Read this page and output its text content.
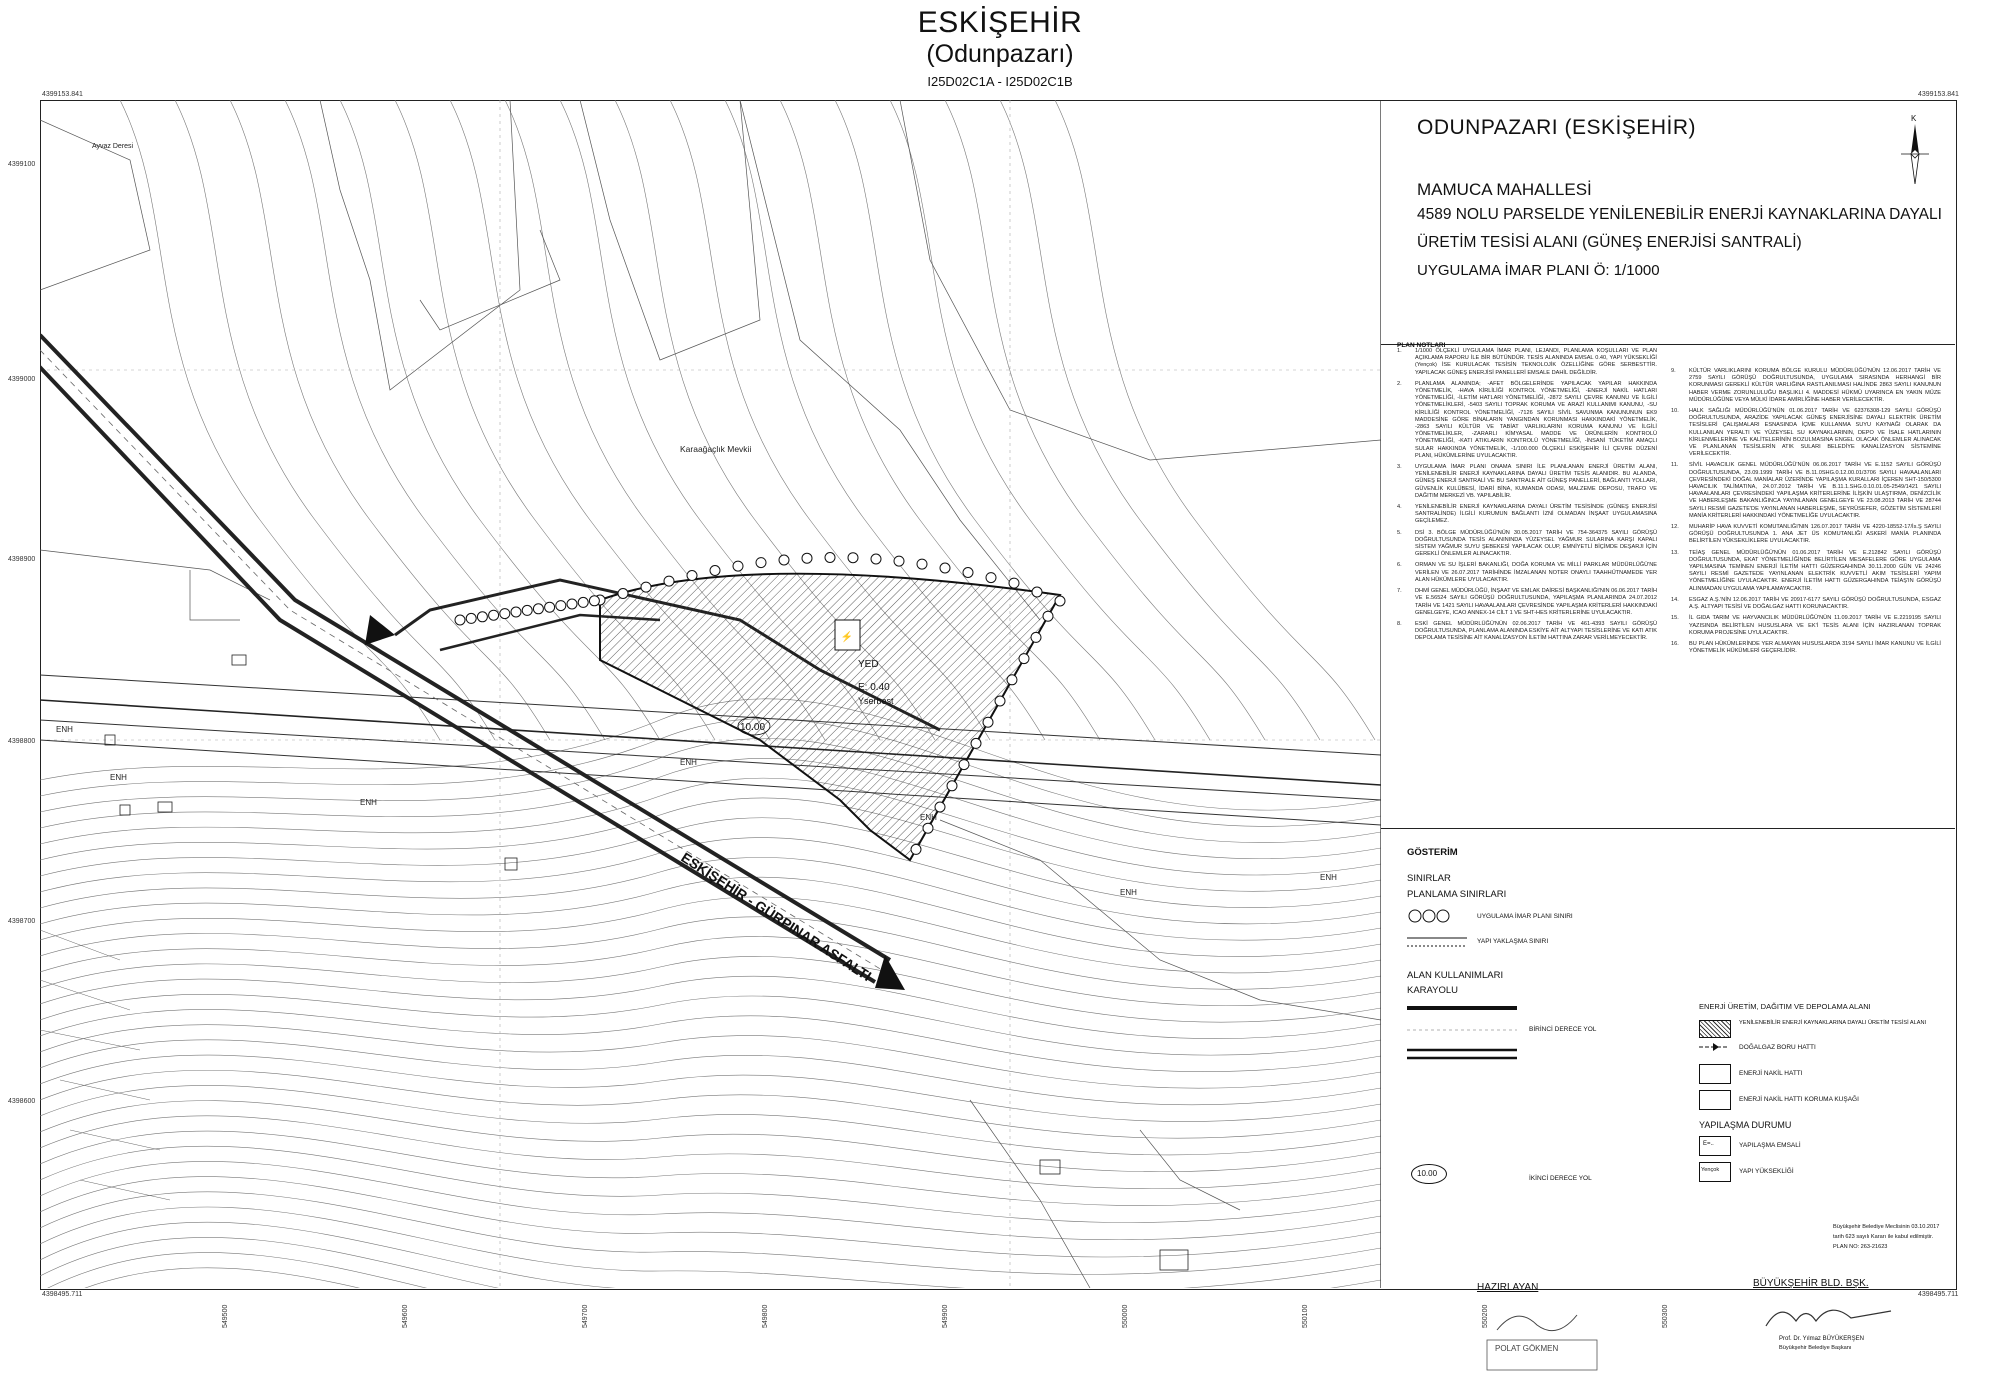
ESKİŞEHİR
(Odunpazarı)
I25D02C1A - I25D02C1B
4399153.841	4399153.841
4398495.711	4398495.711
4399100
4399000
4398900
4398800
4398700
4398600
549500	549600	549700	549800	549900	550000	550100	550200	550300
⚡
Ayvaz Deresi
Karaağaçlık Mevkii
ESKİŞEHİR - GÜRPINAR ASFALTI
YED
E: 0.40
Yserbest
10.00
ENH
ENH
ENH
ENH
ENH
ENH
ENH
ODUNPAZARI (ESKİŞEHİR)	K
MAMUCA MAHALLESİ
4589 NOLU PARSELDE YENİLENEBİLİR ENERJİ KAYNAKLARINA DAYALI
ÜRETİM TESİSİ ALANI (GÜNEŞ ENERJİSİ SANTRALİ)
UYGULAMA İMAR PLANI Ö: 1/1000
PLAN NOTLARI
1.	1/1000 ÖLÇEKLİ UYGULAMA İMAR PLANI, LEJANDI, PLANLAMA KOŞULLARI VE PLAN AÇIKLAMA RAPORU İLE BİR BÜTÜNDÜR. TESİS ALANINDA EMSAL 0.40, YAPI YÜKSEKLİĞİ (Yençok) İSE KURULACAK TESİSİN TEKNOLOJİK ÖZELLİĞİNE GÖRE SERBESTTİR. YAPILACAK GÜNEŞ ENERJİSİ PANELLERİ EMSALE DAHİL DEĞİLDİR.
2.	PLANLAMA ALANINDA; -AFET BÖLGELERİNDE YAPILACAK YAPILAR HAKKINDA YÖNETMELİK, -HAVA KİRLİLİĞİ KONTROL YÖNETMELİĞİ, -ENERJİ NAKİL HATLARI YÖNETMELİĞİ, -İLETİM HATLARI YÖNETMELİĞİ, -2872 SAYILI ÇEVRE KANUNU VE İLGİLİ YÖNETMELİKLERİ, -5403 SAYILI TOPRAK KORUMA VE ARAZİ KULLANIMI KANUNU, -SU KİRLİLİĞİ KONTROL YÖNETMELİĞİ, -7126 SAYILI SİVİL SAVUNMA KANUNUNUN EK9 MADDESİNE GÖRE BİNALARIN YANGINDAN KORUNMASI HAKKINDAKİ YÖNETMELİK, -2863 SAYILI KÜLTÜR VE TABİAT VARLIKLARINI KORUMA KANUNU VE İLGİLİ YÖNETMELİKLER, -ZARARLI KİMYASAL MADDE VE ÜRÜNLERİN KONTROLÜ YÖNETMELİĞİ, -KATI ATIKLARIN KONTROLÜ YÖNETMELİĞİ, -İNSANİ TÜKETİM AMAÇLI SULAR HAKKINDA YÖNETMELİK, -1/100.000 ÖLÇEKLİ ESKİŞEHİR İLİ ÇEVRE DÜZENİ PLANI, HÜKÜMLERİNE UYULACAKTIR.
3.	UYGULAMA İMAR PLANI ONAMA SINIRI İLE PLANLANAN ENERJİ ÜRETİM ALANI, YENİLENEBİLİR ENERJİ KAYNAKLARINA DAYALI ÜRETİM TESİS ALANIDIR. BU ALANDA, GÜNEŞ ENERJİ SANTRALİ VE BU SANTRALE AİT GÜNEŞ PANELLERİ, BAĞLANTI YOLLARI, GÜVENLİK KULÜBESİ, İDARİ BİNA, KUMANDA ODASI, MALZEME DEPOSU, TRAFO VE DAĞITIM MERKEZİ VB. YAPILABİLİR.
4.	YENİLENEBİLİR ENERJİ KAYNAKLARINA DAYALI ÜRETİM TESİSİNDE (GÜNEŞ ENERJİSİ SANTRALİNDE) İLGİLİ KURUMUN BAĞLANTI İZNİ OLMADAN İNŞAAT UYGULAMASINA GEÇİLEMEZ.
5.	DSİ 3. BÖLGE MÜDÜRLÜĞÜ'NÜN 30.05.2017 TARİH VE 754-364375 SAYILI GÖRÜŞÜ DOĞRULTUSUNDA TESİS ALANININDA YÜZEYSEL YAĞMUR SULARINA KARŞI KAPALI SİSTEM YAĞMUR SUYU ŞEBEKESİ YAPILACAK OLUP, EMNİYETLİ BİÇİMDE DEŞARJI İÇİN GEREKLİ ÖNLEMLER ALINACAKTIR.
6.	ORMAN VE SU İŞLERİ BAKANLIĞI, DOĞA KORUMA VE MİLLİ PARKLAR MÜDÜRLÜĞÜ'NE VERİLEN VE 26.07.2017 TARİHİNDE İMZALANAN NOTER ONAYLI TAAHHÜTNAMEDE YER ALAN HÜKÜMLERE UYULACAKTIR.
7.	DHMİ GENEL MÜDÜRLÜĞÜ, İNŞAAT VE EMLAK DAİRESİ BAŞKANLIĞI'NIN 06.06.2017 TARİH VE E.56524 SAYILI GÖRÜŞÜ DOĞRULTUSUNDA, YAPILAŞMA PLANLARINDA 24.07.2012 TARİH VE 1421 SAYILI HAVAALANLARI ÇEVRESİNDE YAPILAŞMA KRİTERLERİ HAKKINDAKİ GENELGEYE, ICAO ANNEX-14 CİLT 1 VE SHT-HES KRİTERLERİNE UYULACAKTIR.
8.	ESKİ GENEL MÜDÜRLÜĞÜ'NÜN 02.06.2017 TARİH VE 461-4393 SAYILI GÖRÜŞÜ DOĞRULTUSUNDA, PLANLAMA ALANINDA ESKİYE AİT ALTYAPI TESİSLERİNE VE KATI ATIK DEPOLAMA TESİSİNE AİT KANALİZASYON İLETİM HATTINA ZARAR VERİLMEYECEKTİR.
9.	KÜLTÜR VARLIKLARINI KORUMA BÖLGE KURULU MÜDÜRLÜĞÜ'NÜN 12.06.2017 TARİH VE 2759 SAYILI GÖRÜŞÜ DOĞRULTUSUNDA, UYGULAMA SIRASINDA HERHANGİ BİR KORUNMASI GEREKLİ KÜLTÜR VARLIĞINA RASTLANILMASI HALİNDE 2863 SAYILI KANUNUN HABER VERME ZORUNLULUĞU BAŞLIKLI 4. MADDESİ HÜKMÜ UYARINCA EN YAKIN MÜZE MÜDÜRLÜĞÜNE VEYA MÜLKİ İDARE AMİRLİĞİNE HABER VERİLECEKTİR.
10.	HALK SAĞLIĞI MÜDÜRLÜĞÜ'NÜN 01.06.2017 TARİH VE 62376308-129 SAYILI GÖRÜŞÜ DOĞRULTUSUNDA, ARAZİDE YAPILACAK GÜNEŞ ENERJİSİNE DAYALI ELEKTRİK ÜRETİM TESİSLERİ ÇALIŞMALARI ESNASINDA İÇME KULLANMA SUYU KAYNAĞI OLARAK DA KULLANILAN YERALTI VE YÜZEYSEL SU KAYNAKLARININ, DEPO VE İSALE HATLARININ KİRLENMELERİNE VE KALİTELERİNİN BOZULMASINA ENGEL OLACAK ÖNLEMLER ALINACAK VE PLANLANAN TESİSLERİN ATIK SULARI BELEDİYE KANALİZASYON SİSTEMİNE VERİLECEKTİR.
11.	SİVİL HAVACILIK GENEL MÜDÜRLÜĞÜ'NÜN 06.06.2017 TARİH VE E.1152 SAYILI GÖRÜŞÜ DOĞRULTUSUNDA, 23.09.1999 TARİH VE B.11.0SHG.0.12.00.01/3706 SAYILI HAVAALANLARI ÇEVRESİNDEKİ DOĞAL MANİALAR ÜZERİNDE YAPILAŞMA KURALLARI İÇEREN SHT-150/5300 HAVACILIK TALİMATINA, 24.07.2012 TARİH VE B.11.1.SHG.0.10.01.05-2549/1421 SAYILI HAVAALANLARI ÇEVRESİNDEKİ YAPILAŞMA KRİTERLERİNE İLİŞKİN ULAŞTIRMA, DENİZCİLİK VE HABERLEŞME BAKANLIĞINCA YAYINLANAN GENELGEYE VE 23.08.2013 TARİH VE 28744 SAYILI RESMİ GAZETE'DE YAYINLANAN HABERLEŞME, SEYRÜSEFER, GÖZETİM SİSTEMLERİ MANİA KRİTERLERİ HAKKINDAKİ YÖNETMELİĞE UYULACAKTIR.
12.	MUHARİP HAVA KUVVETİ KOMUTANLIĞI'NIN 126.07.2017 TARİH VE 4220-18552-17/İs.Ş SAYILI GÖRÜŞÜ DOĞRULTUSUNDA 1. ANA JET ÜS KOMUTANLIĞI ASKERİ MANİA PLANINDA BELİRTİLEN YÜKSEKLİKLERE UYULACAKTIR.
13.	TEİAŞ GENEL MÜDÜRLÜĞÜ'NÜN 01.06.2017 TARİH VE E.212842 SAYILI GÖRÜŞÜ DOĞRULTUSUNDA, EKAT YÖNETMELİĞİNDE BELİRTİLEN MESAFELERE GÖRE UYGULAMA YAPILMASINA TEMİNEN ENERJİ İLETİM HATTI GÜZERGAHINDA 30.11.2000 GÜN VE 24246 SAYILI RESMİ GAZETEDE YAYINLANAN ELEKTRİK KUVVETLİ AKIM TESİSLERİ YAPIM YÖNETMELİĞİNE UYULACAKTIR. ENERJİ İLETİM HATTI GÜZERGAHINDA TEİAŞ'IN GÖRÜŞÜ ALINMADAN UYGULAMA YAPILAMAYACAKTIR.
14.	ESGAZ A.Ş.'NİN 12.06.2017 TARİH VE 20917-6177 SAYILI GÖRÜŞÜ DOĞRULTUSUNDA, ESGAZ A.Ş. ALTYAPI TESİSİ VE DOĞALGAZ HATTI KORUNACAKTIR.
15.	İL GIDA TARIM VE HAYVANCILIK MÜDÜRLÜĞÜ'NÜN 11.09.2017 TARİH VE E.2219195 SAYILI YAZISINDA BELİRTİLEN HUSUSLARA VE EK'İ TESİS ALANI İÇİN HAZIRLANAN TOPRAK KORUMA PROJESİNE UYULACAKTIR.
16.	BU PLAN HÜKÜMLERİNDE YER ALMAYAN HUSUSLARDA 3194 SAYILI İMAR KANUNU VE İLGİLİ YÖNETMELİK HÜKÜMLERİ GEÇERLİDİR.
GÖSTERİM
SINIRLAR
PLANLAMA SINIRLARI
UYGULAMA İMAR PLANI SINIRI
YAPI YAKLAŞMA SINIRI
ALAN KULLANIMLARI
KARAYOLU
BİRİNCİ DERECE YOL
10.00
İKİNCİ DERECE YOL
ENERJİ ÜRETİM, DAĞITIM VE DEPOLAMA ALANI
YENİLENEBİLİR ENERJİ KAYNAKLARINA DAYALI ÜRETİM TESİSİ ALANI
DOĞALGAZ BORU HATTI
ENERJİ NAKİL HATTI
ENERJİ NAKİL HATTI KORUMA KUŞAĞI
YAPILAŞMA DURUMU
E=..	YAPILAŞMA EMSALİ
Yençok	YAPI YÜKSEKLİĞİ
Büyükşehir Belediye Meclisinin 03.10.2017
tarih 623 sayılı Kararı ile kabul edilmiştir.
PLAN NO: 263-21623
HAZIRLAYAN	BÜYÜKŞEHİR BLD. BŞK.
POLAT GÖKMEN
Prof. Dr. Yılmaz BÜYÜKERŞEN
Büyükşehir Belediye Başkanı
